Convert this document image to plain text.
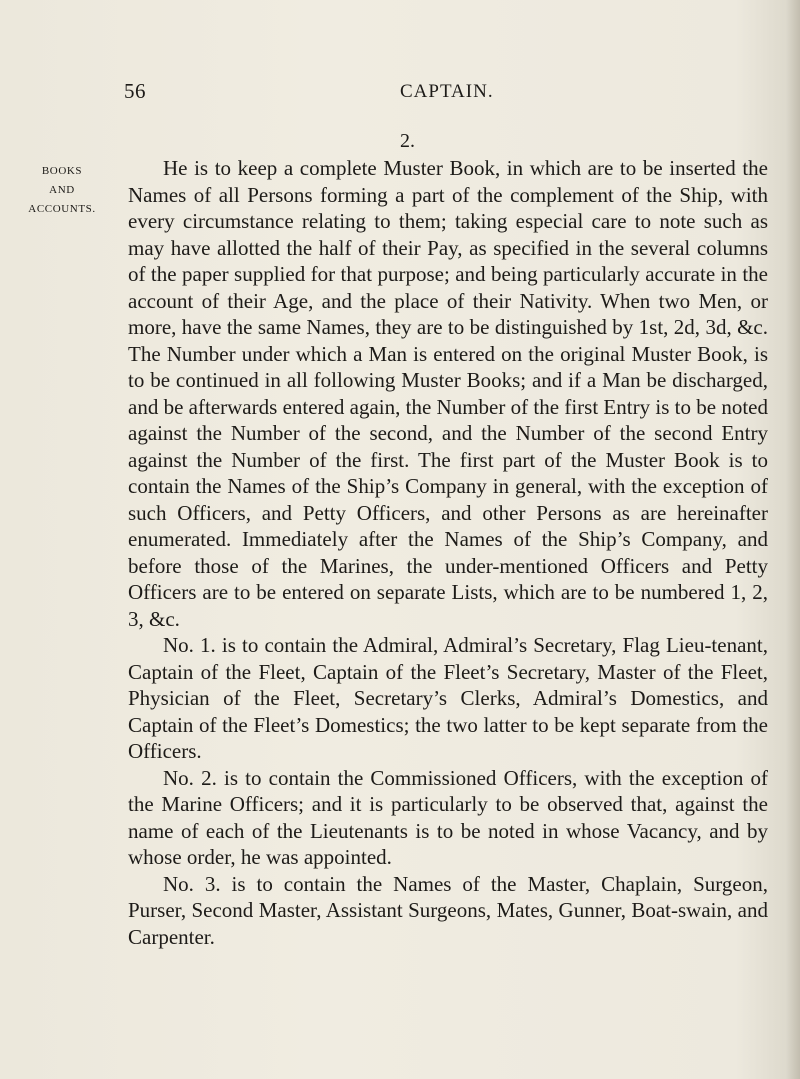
56	CAPTAIN.
2.
BOOKS
AND
ACCOUNTS.

He is to keep a complete Muster Book, in which are to be inserted the Names of all Persons forming a part of the complement of the Ship, with every circumstance relating to them; taking especial care to note such as may have allotted the half of their Pay, as specified in the several columns of the paper supplied for that purpose; and being particularly accurate in the account of their Age, and the place of their Nativity. When two Men, or more, have the same Names, they are to be distinguished by 1st, 2d, 3d, &c. The Number under which a Man is entered on the original Muster Book, is to be continued in all following Muster Books; and if a Man be discharged, and be afterwards entered again, the Number of the first Entry is to be noted against the Number of the second, and the Number of the second Entry against the Number of the first. The first part of the Muster Book is to contain the Names of the Ship’s Company in general, with the exception of such Officers, and Petty Officers, and other Persons as are hereinafter enumerated. Immediately after the Names of the Ship’s Company, and before those of the Marines, the under-mentioned Officers and Petty Officers are to be entered on separate Lists, which are to be numbered 1, 2, 3, &c.

No. 1. is to contain the Admiral, Admiral’s Secretary, Flag Lieu-tenant, Captain of the Fleet, Captain of the Fleet’s Secretary, Master of the Fleet, Physician of the Fleet, Secretary’s Clerks, Admiral’s Domestics, and Captain of the Fleet’s Domestics; the two latter to be kept separate from the Officers.

No. 2. is to contain the Commissioned Officers, with the exception of the Marine Officers; and it is particularly to be observed that, against the name of each of the Lieutenants is to be noted in whose Vacancy, and by whose order, he was appointed.

No. 3. is to contain the Names of the Master, Chaplain, Surgeon, Purser, Second Master, Assistant Surgeons, Mates, Gunner, Boat-swain, and Carpenter.
